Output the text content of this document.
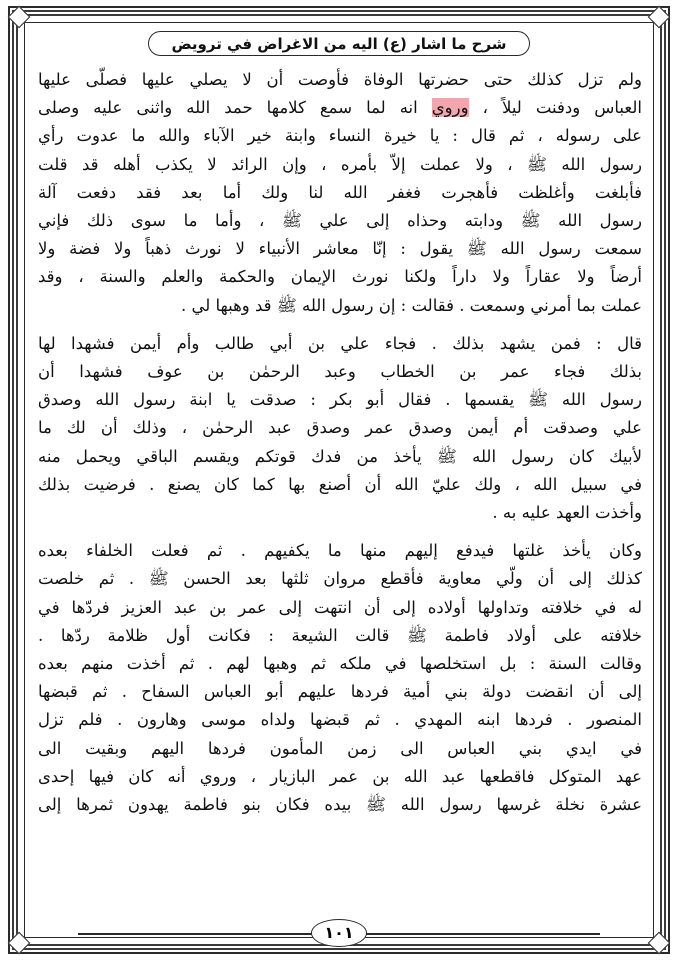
شرح ما اشار (ع) اليه من الاغراض في ترويض
ولم تزل كذلك حتى حضرتها الوفاة فأوصت أن لا يصلي عليها فصلّى عليها
العباس ودفنت ليلاً ، وروي انه لما سمع كلامها حمد الله واثنى عليه وصلى
على رسوله ، ثم قال : يا خيرة النساء وابنة خير الآباء والله ما عدوت رأي
رسول الله ﷺ ، ولا عملت إلاّ بأمره ، وإن الرائد لا يكذب أهله قد قلت
فأبلغت وأغلظت فأهجرت فغفر الله لنا ولك أما بعد فقد دفعت آلة
رسول الله ﷺ ودابته وحذاه إلى علي ﷺ ، وأما ما سوى ذلك فإني
سمعت رسول الله ﷺ يقول : إنّا معاشر الأنبياء لا نورث ذهباً ولا فضة ولا
أرضاً ولا عقاراً ولا داراً ولكنا نورث الإيمان والحكمة والعلم والسنة ، وقد
عملت بما أمرني وسمعت . فقالت : إن رسول الله ﷺ قد وهبها لي .
قال : فمن يشهد بذلك . فجاء علي بن أبي طالب وأم أيمن فشهدا لها
بذلك فجاء عمر بن الخطاب وعبد الرحمٰن بن عوف فشهدا أن
رسول الله ﷺ يقسمها . فقال أبو بكر : صدقت يا ابنة رسول الله وصدق
علي وصدقت أم أيمن وصدق عمر وصدق عبد الرحمٰن ، وذلك أن لك ما
لأبيك كان رسول الله ﷺ يأخذ من فدك قوتكم ويقسم الباقي ويحمل منه
في سبيل الله ، ولك عليّ الله أن أصنع بها كما كان يصنع . فرضيت بذلك
وأخذت العهد عليه به .
وكان يأخذ غلتها فيدفع إليهم منها ما يكفيهم . ثم فعلت الخلفاء بعده
كذلك إلى أن ولّي معاوية فأقطع مروان ثلثها بعد الحسن ﷺ . ثم خلصت
له في خلافته وتداولها أولاده إلى أن انتهت إلى عمر بن عبد العزيز فردّها في
خلافته على أولاد فاطمة ﷺ قالت الشيعة : فكانت أول ظلامة ردّها .
وقالت السنة : بل استخلصها في ملكه ثم وهبها لهم . ثم أخذت منهم بعده
إلى أن انقضت دولة بني أمية فردها عليهم أبو العباس السفاح . ثم قبضها
المنصور . فردها ابنه المهدي . ثم قبضها ولداه موسى وهارون . فلم تزل
في ايدي بني العباس الى زمن المأمون فردها اليهم وبقيت الى
عهد المتوكل فاقطعها عبد الله بن عمر البازيار ، وروي أنه كان فيها إحدى
عشرة نخلة غرسها رسول الله ﷺ بيده فكان بنو فاطمة يهدون ثمرها إلى
١٠١
